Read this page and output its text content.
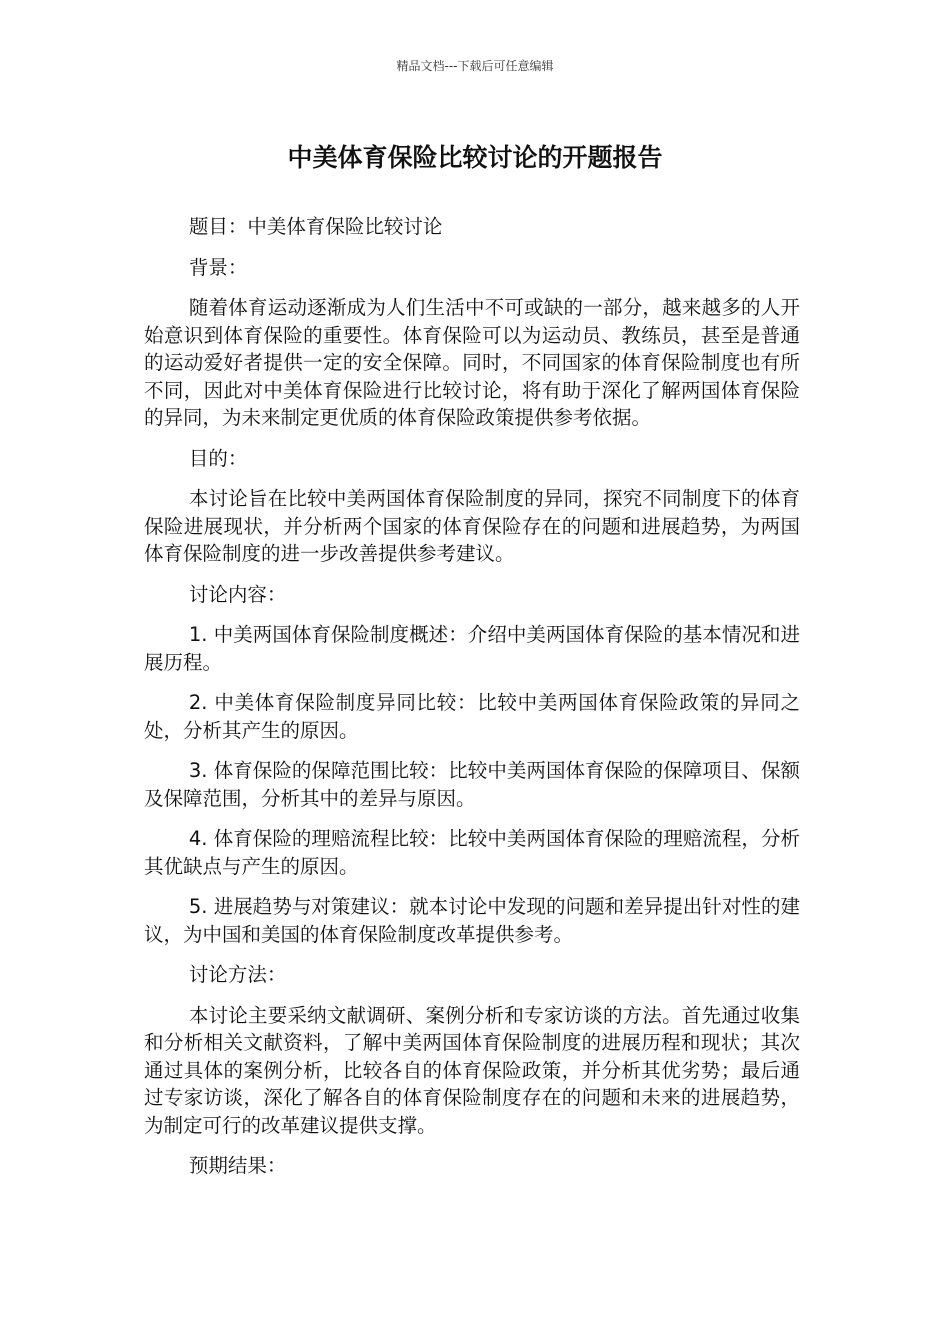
精品文档---下载后可任意编辑
中美体育保险比较讨论的开题报告

题目：中美体育保险比较讨论

背景：

随着体育运动逐渐成为人们生活中不可或缺的一部分，越来越多的人开始意识到体育保险的重要性。体育保险可以为运动员、教练员，甚至是普通的运动爱好者提供一定的安全保障。同时，不同国家的体育保险制度也有所不同，因此对中美体育保险进行比较讨论，将有助于深化了解两国体育保险的异同，为未来制定更优质的体育保险政策提供参考依据。

目的：

本讨论旨在比较中美两国体育保险制度的异同，探究不同制度下的体育保险进展现状，并分析两个国家的体育保险存在的问题和进展趋势，为两国体育保险制度的进一步改善提供参考建议。

讨论内容：

1. 中美两国体育保险制度概述：介绍中美两国体育保险的基本情况和进展历程。

2. 中美体育保险制度异同比较：比较中美两国体育保险政策的异同之处，分析其产生的原因。

3. 体育保险的保障范围比较：比较中美两国体育保险的保障项目、保额及保障范围，分析其中的差异与原因。

4. 体育保险的理赔流程比较：比较中美两国体育保险的理赔流程，分析其优缺点与产生的原因。

5. 进展趋势与对策建议：就本讨论中发现的问题和差异提出针对性的建议，为中国和美国的体育保险制度改革提供参考。

讨论方法：

本讨论主要采纳文献调研、案例分析和专家访谈的方法。首先通过收集和分析相关文献资料，了解中美两国体育保险制度的进展历程和现状；其次通过具体的案例分析，比较各自的体育保险政策，并分析其优劣势；最后通过专家访谈，深化了解各自的体育保险制度存在的问题和未来的进展趋势，为制定可行的改革建议提供支撑。

预期结果：
